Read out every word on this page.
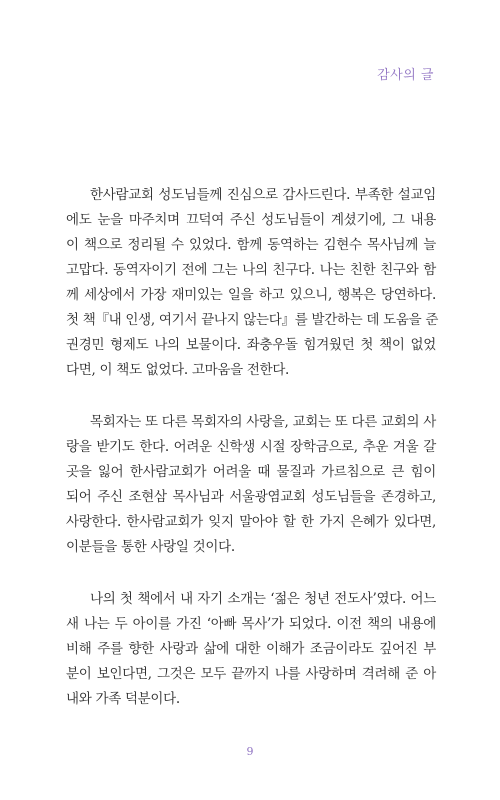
감사의 글

한사람교회 성도님들께 진심으로 감사드린다. 부족한 설교임
에도 눈을 마주치며 끄덕여 주신 성도님들이 계셨기에, 그 내용
이 책으로 정리될 수 있었다. 함께 동역하는 김현수 목사님께 늘
고맙다. 동역자이기 전에 그는 나의 친구다. 나는 친한 친구와 함
께 세상에서 가장 재미있는 일을 하고 있으니, 행복은 당연하다.
첫 책『내 인생, 여기서 끝나지 않는다』를 발간하는 데 도움을 준
권경민 형제도 나의 보물이다. 좌충우돌 힘겨웠던 첫 책이 없었
다면, 이 책도 없었다. 고마움을 전한다.

목회자는 또 다른 목회자의 사랑을, 교회는 또 다른 교회의 사
랑을 받기도 한다. 어려운 신학생 시절 장학금으로, 추운 겨울 갈
곳을 잃어 한사람교회가 어려울 때 물질과 가르침으로 큰 힘이
되어 주신 조현삼 목사님과 서울광염교회 성도님들을 존경하고,
사랑한다. 한사람교회가 잊지 말아야 할 한 가지 은혜가 있다면,
이분들을 통한 사랑일 것이다.

나의 첫 책에서 내 자기 소개는 ‘젊은 청년 전도사’였다. 어느
새 나는 두 아이를 가진 ‘아빠 목사’가 되었다. 이전 책의 내용에
비해 주를 향한 사랑과 삶에 대한 이해가 조금이라도 깊어진 부
분이 보인다면, 그것은 모두 끝까지 나를 사랑하며 격려해 준 아
내와 가족 덕분이다.

9
